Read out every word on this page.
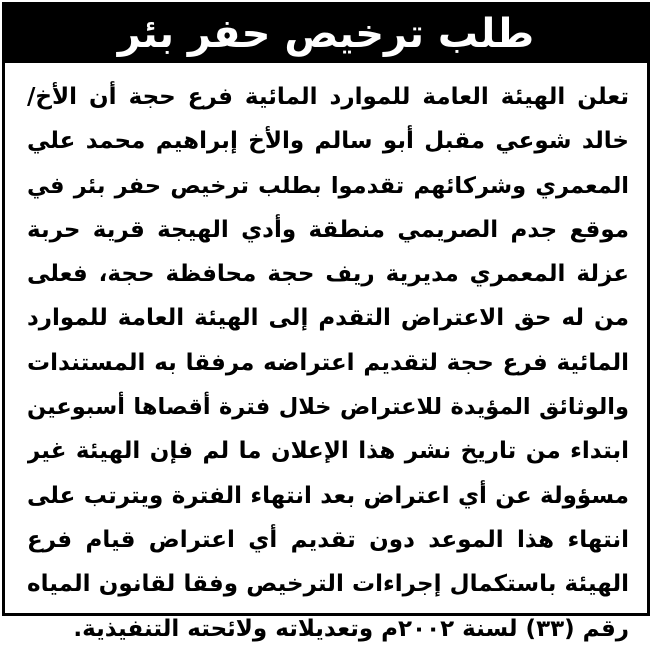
طلب ترخيص حفر بئر
تعلن الهيئة العامة للموارد المائية فرع حجة أن الأخ/
خالد شوعي مقبل أبو سالم والأخ إبراهيم محمد علي
المعمري وشركائهم تقدموا بطلب ترخيص حفر بئر في
موقع جدم الصريمي منطقة وأدي الهيجة قرية حربة
عزلة المعمري مديرية ريف حجة محافظة حجة، فعلى
من له حق الاعتراض التقدم إلى الهيئة العامة للموارد
المائية فرع حجة لتقديم اعتراضه مرفقا به المستندات
والوثائق المؤيدة للاعتراض خلال فترة أقصاها أسبوعين
ابتداء من تاريخ نشر هذا الإعلان ما لم فإن الهيئة غير
مسؤولة عن أي اعتراض بعد انتهاء الفترة ويترتب على
انتهاء هذا الموعد دون تقديم أي اعتراض قيام فرع
الهيئة باستكمال إجراءات الترخيص وفقا لقانون المياه
رقم (٣٣) لسنة ٢٠٠٢م وتعديلاته ولائحته التنفيذية.
